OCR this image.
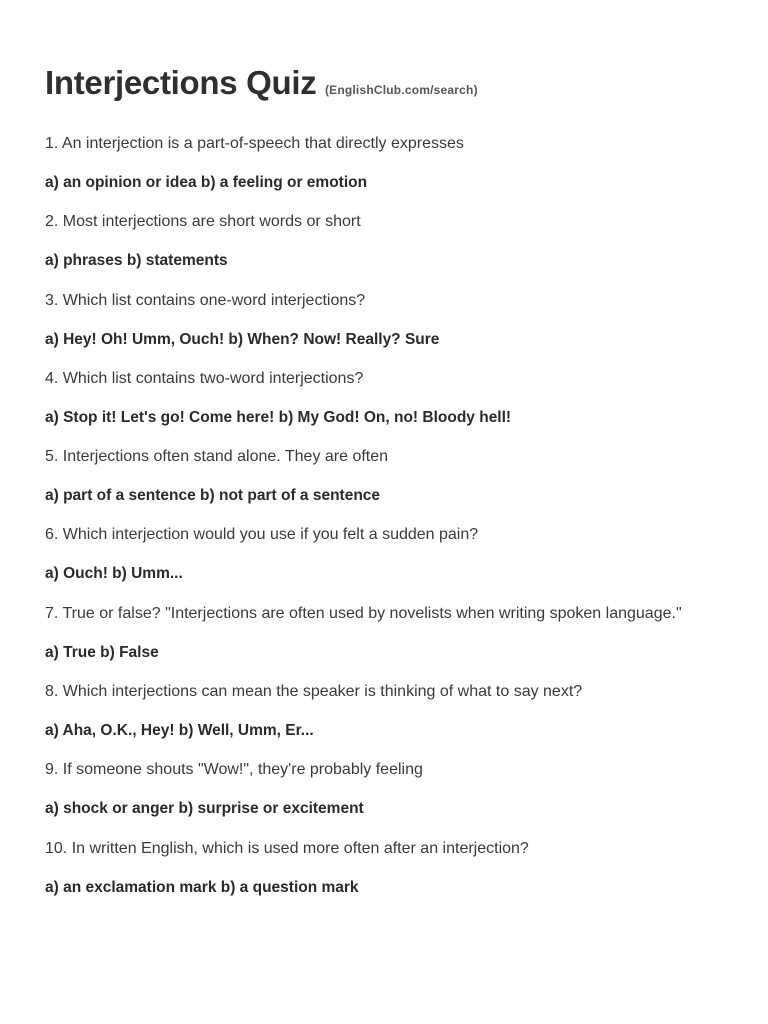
Interjections Quiz (EnglishClub.com/search)
1. An interjection is a part-of-speech that directly expresses
a) an opinion or idea b) a feeling or emotion
2. Most interjections are short words or short
a) phrases b) statements
3. Which list contains one-word interjections?
a) Hey! Oh! Umm, Ouch! b) When? Now! Really? Sure
4. Which list contains two-word interjections?
a) Stop it! Let's go! Come here! b) My God! On, no! Bloody hell!
5. Interjections often stand alone. They are often
a) part of a sentence b) not part of a sentence
6. Which interjection would you use if you felt a sudden pain?
a) Ouch! b) Umm...
7. True or false? "Interjections are often used by novelists when writing spoken language."
a) True b) False
8. Which interjections can mean the speaker is thinking of what to say next?
a) Aha, O.K., Hey! b) Well, Umm, Er...
9. If someone shouts "Wow!", they're probably feeling
a) shock or anger b) surprise or excitement
10. In written English, which is used more often after an interjection?
a) an exclamation mark b) a question mark
